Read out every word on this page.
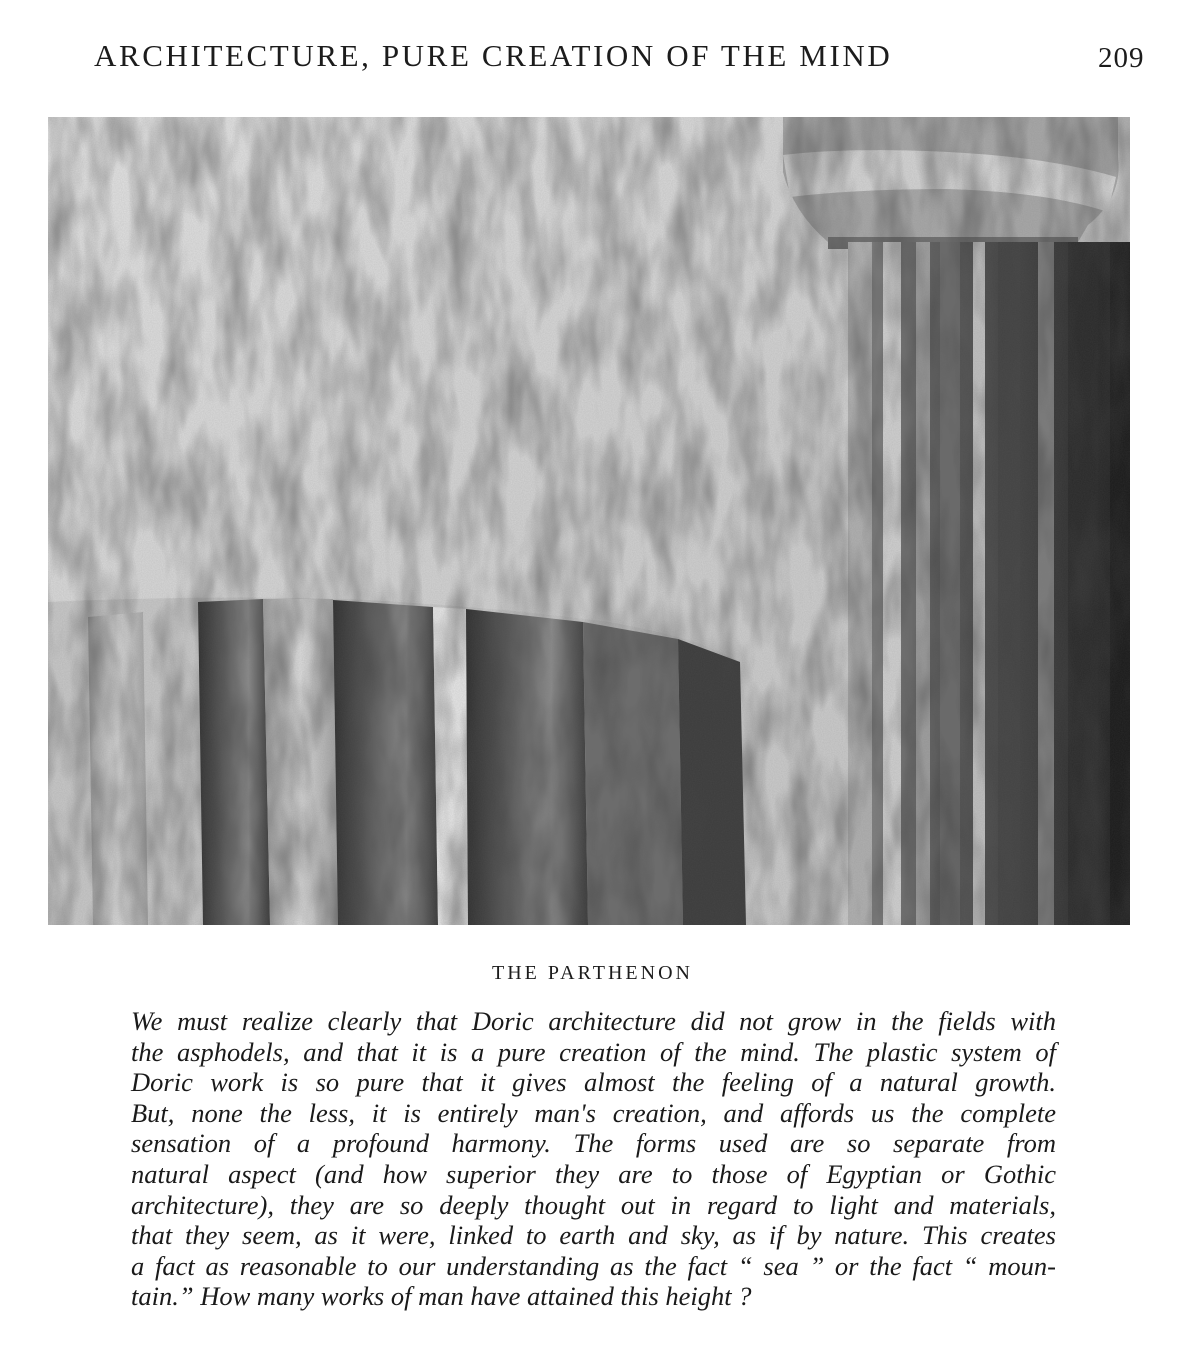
ARCHITECTURE, PURE CREATION OF THE MIND	209
THE PARTHENON
We must realize clearly that Doric architecture did not grow in the fields with
the asphodels, and that it is a pure creation of the mind. The plastic system of
Doric work is so pure that it gives almost the feeling of a natural growth.
But, none the less, it is entirely man's creation, and affords us the complete
sensation of a profound harmony. The forms used are so separate from
natural aspect (and how superior they are to those of Egyptian or Gothic
architecture), they are so deeply thought out in regard to light and materials,
that they seem, as it were, linked to earth and sky, as if by nature. This creates
a fact as reasonable to our understanding as the fact “ sea ” or the fact “ moun-
tain.” How many works of man have attained this height ?
